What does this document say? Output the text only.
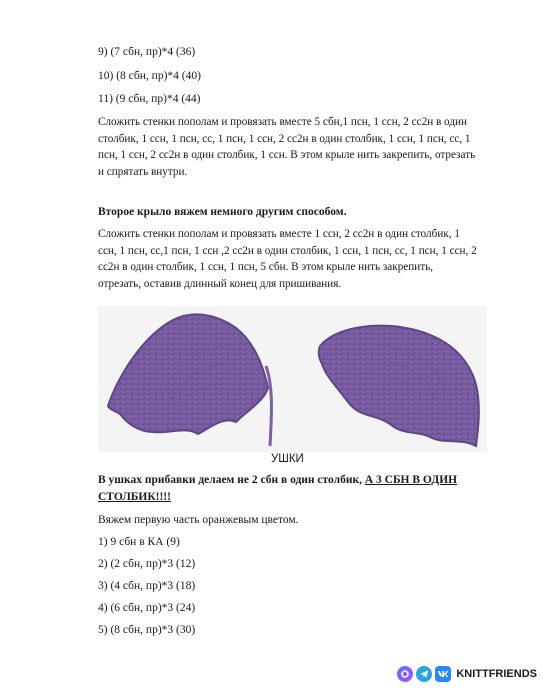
9) (7 сбн, пр)*4 (36)
10) (8 сбн, пр)*4 (40)
11) (9 сбн, пр)*4 (44)
Сложить стенки пополам и провязать вместе 5 сбн,1 псн, 1 ссн, 2 сс2н в один
столбик, 1 ссн, 1 псн, сс, 1 псн, 1 ссн, 2 сс2н в один столбик, 1 ссн, 1 псн, сс, 1
псн, 1 ссн, 2 сс2н в один столбик, 1 ссн. В этом крыле нить закрепить, отрезать
и спрятать внутри.
Второе крыло вяжем немного другим способом.
Сложить стенки пополам и провязать вместе 1 ссн, 2 сс2н в один столбик, 1
ссн, 1 псн, сс,1 псн, 1 ссн ,2 сс2н в один столбик, 1 ссн, 1 псн, сс, 1 псн, 1 ссн, 2
сс2н в один столбик, 1 ссн, 1 псн, 5 сбн. В этом крыле нить закрепить,
отрезать, оставив длинный конец для пришивания.
УШКИ
В ушках прибавки делаем не 2 сбн в один столбик, А 3 СБН В ОДИН
СТОЛБИК!!!!
Вяжем первую часть оранжевым цветом.
1) 9 сбн в КА (9)
2) (2 сбн, пр)*3 (12)
3) (4 сбн, пр)*3 (18)
4) (6 сбн, пр)*3 (24)
5) (8 сбн, пр)*3 (30)
KNITTFRIENDS
